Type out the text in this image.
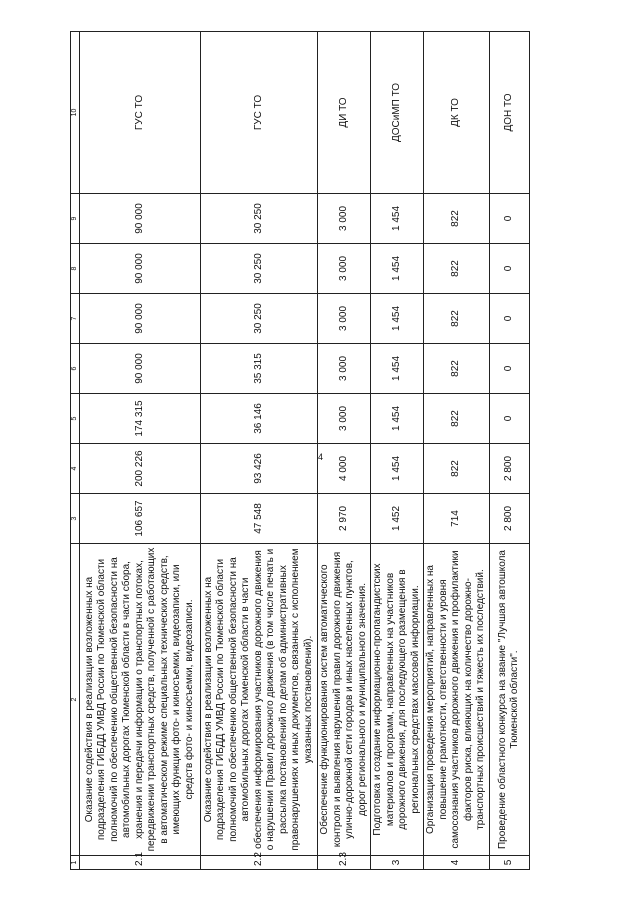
4
1	2	3	4	5	6	7	8	9	10
2.1	Оказание содействия в реализации возложенных на подразделения ГИБДД УМВД России по Тюменской области полномочий по обеспечению общественной безопасности на автомобильных дорогах Тюменской области в части сбора, хранения и передачи информации о транспортных потоках, передвижении транспортных средств, полученной с работающих в автоматическом режиме специальных технических средств, имеющих функции фото- и киносъемки, видеозаписи, или средств фото- и киносъемки, видеозаписи.	106 657	200 226	174 315	90 000	90 000	90 000	90 000	ГУС ТО
2.2	Оказание содействия в реализации возложенных на подразделения ГИБДД УМВД России по Тюменской области полномочий по обеспечению общественной безопасности на автомобильных дорогах Тюменской области в части обеспечения информирования участников дорожного движения о нарушении Правил дорожного движения (в том числе печать и рассылка постановлений по делам об административных правонарушениях и иных документов, связанных с исполнением указанных постановлений).	47 548	93 426	36 146	35 315	30 250	30 250	30 250	ГУС ТО
2.3	Обеспечение функционирования систем автоматического контроля и выявления нарушений правил дорожного движения улично-дорожной сети городов и иных населенных пунктов, дорог регионального и муниципального значения.	2 970	4 000	3 000	3 000	3 000	3 000	3 000	ДИ ТО
3	Подготовка и создание информационно-пропагандистских материалов и программ, направленных на участников дорожного движения, для последующего размещения в региональных средствах массовой информации.	1 452	1 454	1 454	1 454	1 454	1 454	1 454	ДОСиМП ТО
4	Организация проведения мероприятий, направленных на повышение грамотности, ответственности и уровня самосознания участников дорожного движения и профилактики факторов риска, влияющих на количество дорожно-транспортных происшествий и тяжесть их последствий.	714	822	822	822	822	822	822	ДК ТО
5	Проведение областного конкурса на звание "Лучшая автошкола Тюменской области".	2 800	2 800	0	0	0	0	0	ДОН ТО
